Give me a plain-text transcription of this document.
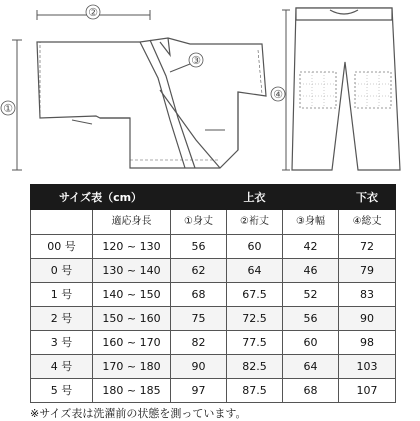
②
①
③
④
サイズ表（cm）		上衣			下衣
	適応身長	①身丈	②裄丈	③身幅	④総丈
00 号	120 ~ 130	56	60	42	72
0 号	130 ~ 140	62	64	46	79
1 号	140 ~ 150	68	67.5	52	83
2 号	150 ~ 160	75	72.5	56	90
3 号	160 ~ 170	82	77.5	60	98
4 号	170 ~ 180	90	82.5	64	103
5 号	180 ~ 185	97	87.5	68	107
※サイズ表は洗濯前の状態を測っています。
